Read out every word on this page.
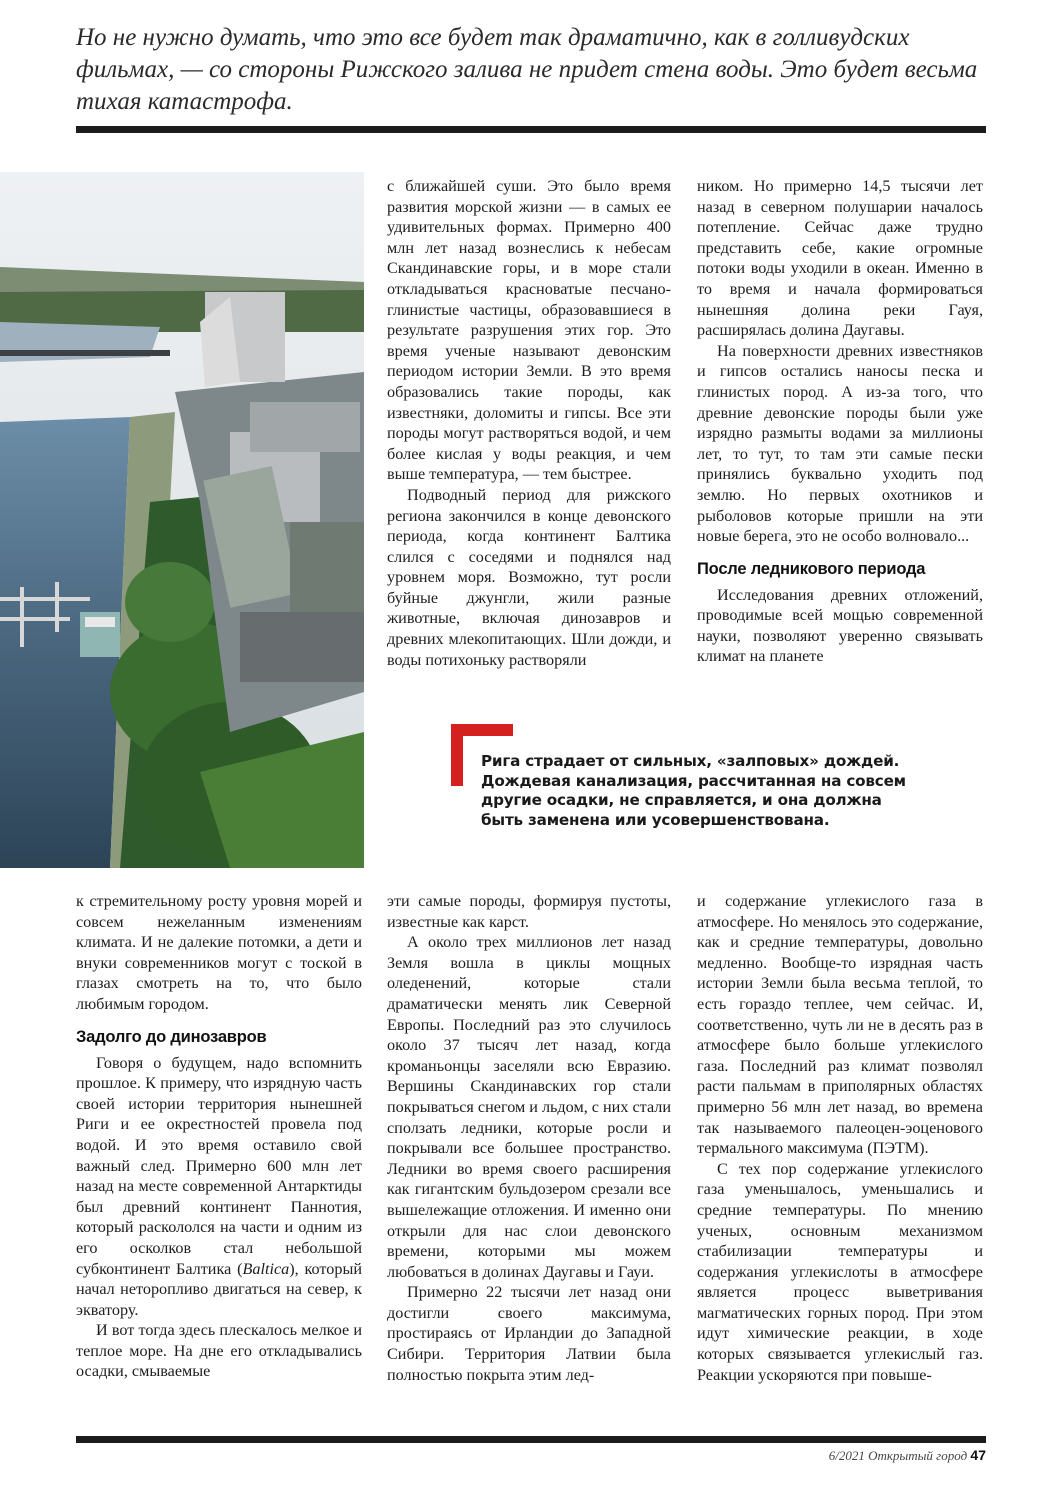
Но не нужно думать, что это все будет так драматично, как в голливудских фильмах, — со стороны Рижского залива не придет стена воды. Это будет весьма тихая катастрофа.

с ближайшей суши. Это было время развития морской жизни — в самых ее удивительных формах. Примерно 400 млн лет назад вознеслись к небесам Скандинавские горы, и в море стали откладываться красноватые песчано-глинистые частицы, образовавшиеся в результате разрушения этих гор. Это время ученые называют девонским периодом истории Земли. В это время образовались такие породы, как известняки, доломиты и гипсы. Все эти породы могут растворяться водой, и чем более кислая у воды реакция, и чем выше температура, — тем быстрее.

Подводный период для рижского региона закончился в конце девонского периода, когда континент Балтика слился с соседями и поднялся над уровнем моря. Возможно, тут росли буйные джунгли, жили разные животные, включая динозавров и древних млекопитающих. Шли дожди, и воды потихоньку растворяли

ником. Но примерно 14,5 тысячи лет назад в северном полушарии началось потепление. Сейчас даже трудно представить себе, какие огромные потоки воды уходили в океан. Именно в то время и начала формироваться нынешняя долина реки Гауя, расширялась долина Даугавы.

На поверхности древних известняков и гипсов остались наносы песка и глинистых пород. А из-за того, что древние девонские породы были уже изрядно размыты водами за миллионы лет, то тут, то там эти самые пески принялись буквально уходить под землю. Но первых охотников и рыболовов которые пришли на эти новые берега, это не особо волновало...

После ледникового периода

Исследования древних отложений, проводимые всей мощью современной науки, позволяют уверенно связывать климат на планете

Рига страдает от сильных, «залповых» дождей. Дождевая канализация, рассчитанная на совсем другие осадки, не справляется, и она должна быть заменена или усовершенствована.

к стремительному росту уровня морей и совсем нежеланным изменениям климата. И не далекие потомки, а дети и внуки современников могут с тоской в глазах смотреть на то, что было любимым городом.

Задолго до динозавров

Говоря о будущем, надо вспомнить прошлое. К примеру, что изрядную часть своей истории территория нынешней Риги и ее окрестностей провела под водой. И это время оставило свой важный след. Примерно 600 млн лет назад на месте современной Антарктиды был древний континент Паннотия, который раскололся на части и одним из его осколков стал небольшой субконтинент Балтика (Baltica), который начал неторопливо двигаться на север, к экватору.

И вот тогда здесь плескалось мелкое и теплое море. На дне его откладывались осадки, смываемые

эти самые породы, формируя пустоты, известные как карст.

А около трех миллионов лет назад Земля вошла в циклы мощных оледенений, которые стали драматически менять лик Северной Европы. Последний раз это случилось около 37 тысяч лет назад, когда кроманьонцы заселяли всю Евразию. Вершины Скандинавских гор стали покрываться снегом и льдом, с них стали сползать ледники, которые росли и покрывали все большее пространство. Ледники во время своего расширения как гигантским бульдозером срезали все вышележащие отложения. И именно они открыли для нас слои девонского времени, которыми мы можем любоваться в долинах Даугавы и Гауи.

Примерно 22 тысячи лет назад они достигли своего максимума, простираясь от Ирландии до Западной Сибири. Территория Латвии была полностью покрыта этим лед-

и содержание углекислого газа в атмосфере. Но менялось это содержание, как и средние температуры, довольно медленно. Вообще-то изрядная часть истории Земли была весьма теплой, то есть гораздо теплее, чем сейчас. И, соответственно, чуть ли не в десять раз в атмосфере было больше углекислого газа. Последний раз климат позволял расти пальмам в приполярных областях примерно 56 млн лет назад, во времена так называемого палеоцен-эоценового термального максимума (ПЭТМ).

С тех пор содержание углекислого газа уменьшалось, уменьшались и средние температуры. По мнению ученых, основным механизмом стабилизации температуры и содержания углекислоты в атмосфере является процесс выветривания магматических горных пород. При этом идут химические реакции, в ходе которых связывается углекислый газ. Реакции ускоряются при повыше-

6/2021 Открытый город 47
